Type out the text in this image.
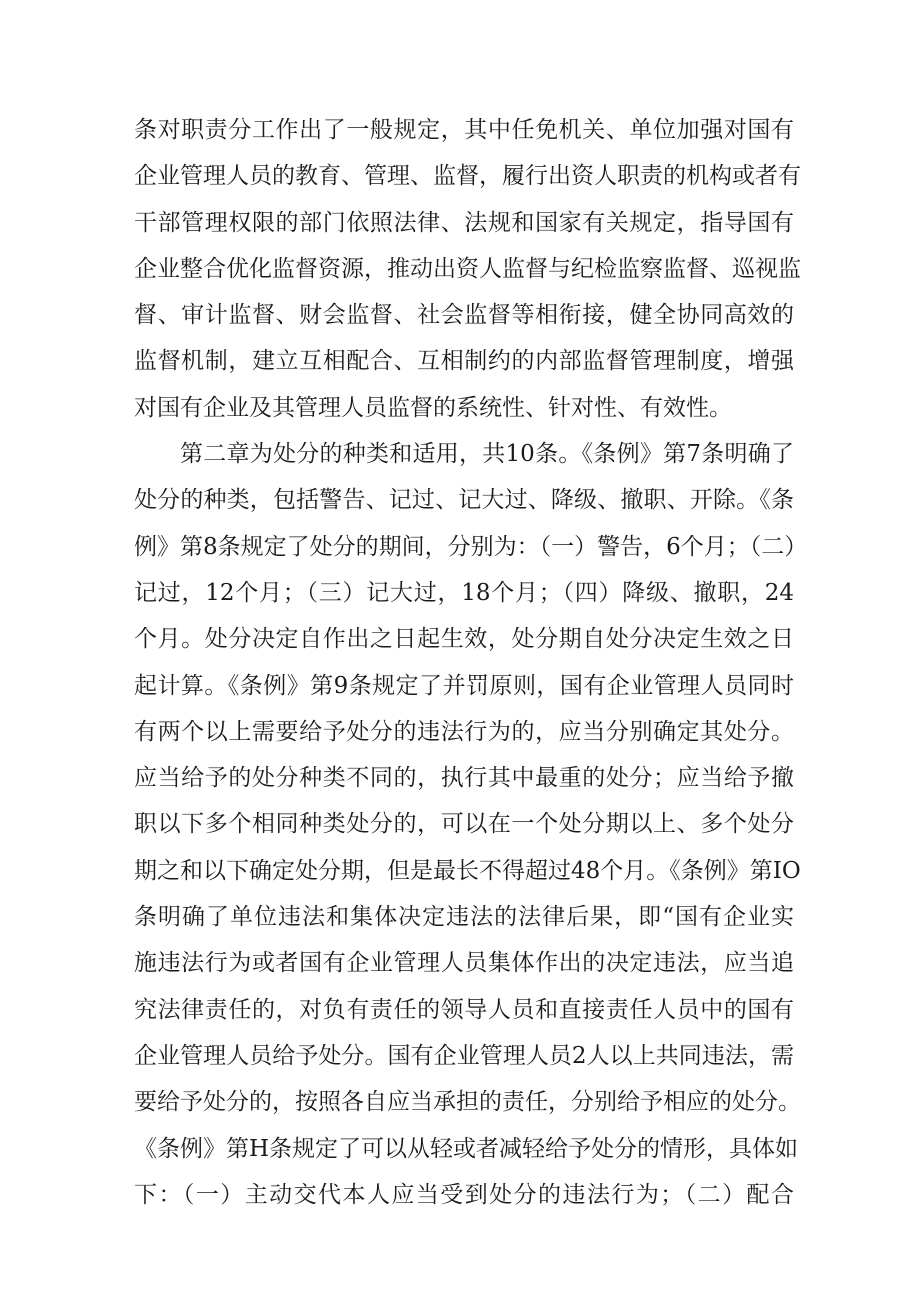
条对职责分工作出了一般规定，其中任免机关、单位加强对国有
企业管理人员的教育、管理、监督，履行出资人职责的机构或者有
干部管理权限的部门依照法律、法规和国家有关规定，指导国有
企业整合优化监督资源，推动出资人监督与纪检监察监督、巡视监
督、审计监督、财会监督、社会监督等相衔接，健全协同高效的
监督机制，建立互相配合、互相制约的内部监督管理制度，增强
对国有企业及其管理人员监督的系统性、针对性、有效性。
第二章为处分的种类和适用，共10条。《条例》第7条明确了
处分的种类，包括警告、记过、记大过、降级、撤职、开除。《条
例》第8条规定了处分的期间，分别为：（一）警告，6个月；（二）
记过，12个月；（三）记大过，18个月；（四）降级、撤职，24
个月。处分决定自作出之日起生效，处分期自处分决定生效之日
起计算。《条例》第9条规定了并罚原则，国有企业管理人员同时
有两个以上需要给予处分的违法行为的，应当分别确定其处分。
应当给予的处分种类不同的，执行其中最重的处分；应当给予撤
职以下多个相同种类处分的，可以在一个处分期以上、多个处分
期之和以下确定处分期，但是最长不得超过48个月。《条例》第IO
条明确了单位违法和集体决定违法的法律后果，即“国有企业实
施违法行为或者国有企业管理人员集体作出的决定违法，应当追
究法律责任的，对负有责任的领导人员和直接责任人员中的国有
企业管理人员给予处分。国有企业管理人员2人以上共同违法，需
要给予处分的，按照各自应当承担的责任，分别给予相应的处分。
《条例》第H条规定了可以从轻或者减轻给予处分的情形，具体如
下：（一）主动交代本人应当受到处分的违法行为；（二）配合
